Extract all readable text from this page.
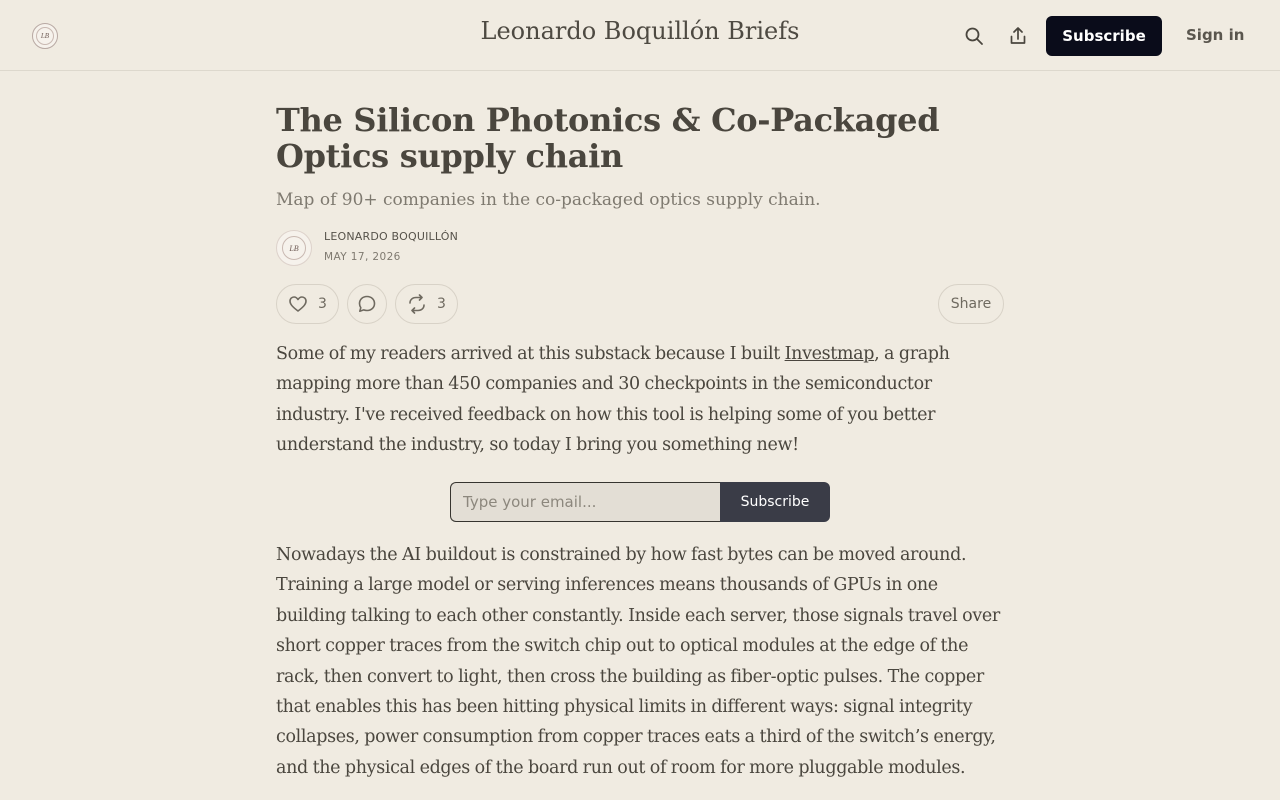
LB	Leonardo Boquillón Briefs	Subscribe	Sign in
The Silicon Photonics & Co-Packaged Optics supply chain
Map of 90+ companies in the co-packaged optics supply chain.
LB
LEONARDO BOQUILLÓN
MAY 17, 2026
3	3	Share

Some of my readers arrived at this substack because I built Investmap, a graph mapping more than 450 companies and 30 checkpoints in the semiconductor industry. I've received feedback on how this tool is helping some of you better understand the industry, so today I bring you something new!

Type your email...
Subscribe

Nowadays the AI buildout is constrained by how fast bytes can be moved around. Training a large model or serving inferences means thousands of GPUs in one building talking to each other constantly. Inside each server, those signals travel over short copper traces from the switch chip out to optical modules at the edge of the rack, then convert to light, then cross the building as fiber-optic pulses. The copper that enables this has been hitting physical limits in different ways: signal integrity collapses, power consumption from copper traces eats a third of the switch’s energy, and the physical edges of the board run out of room for more pluggable modules.
